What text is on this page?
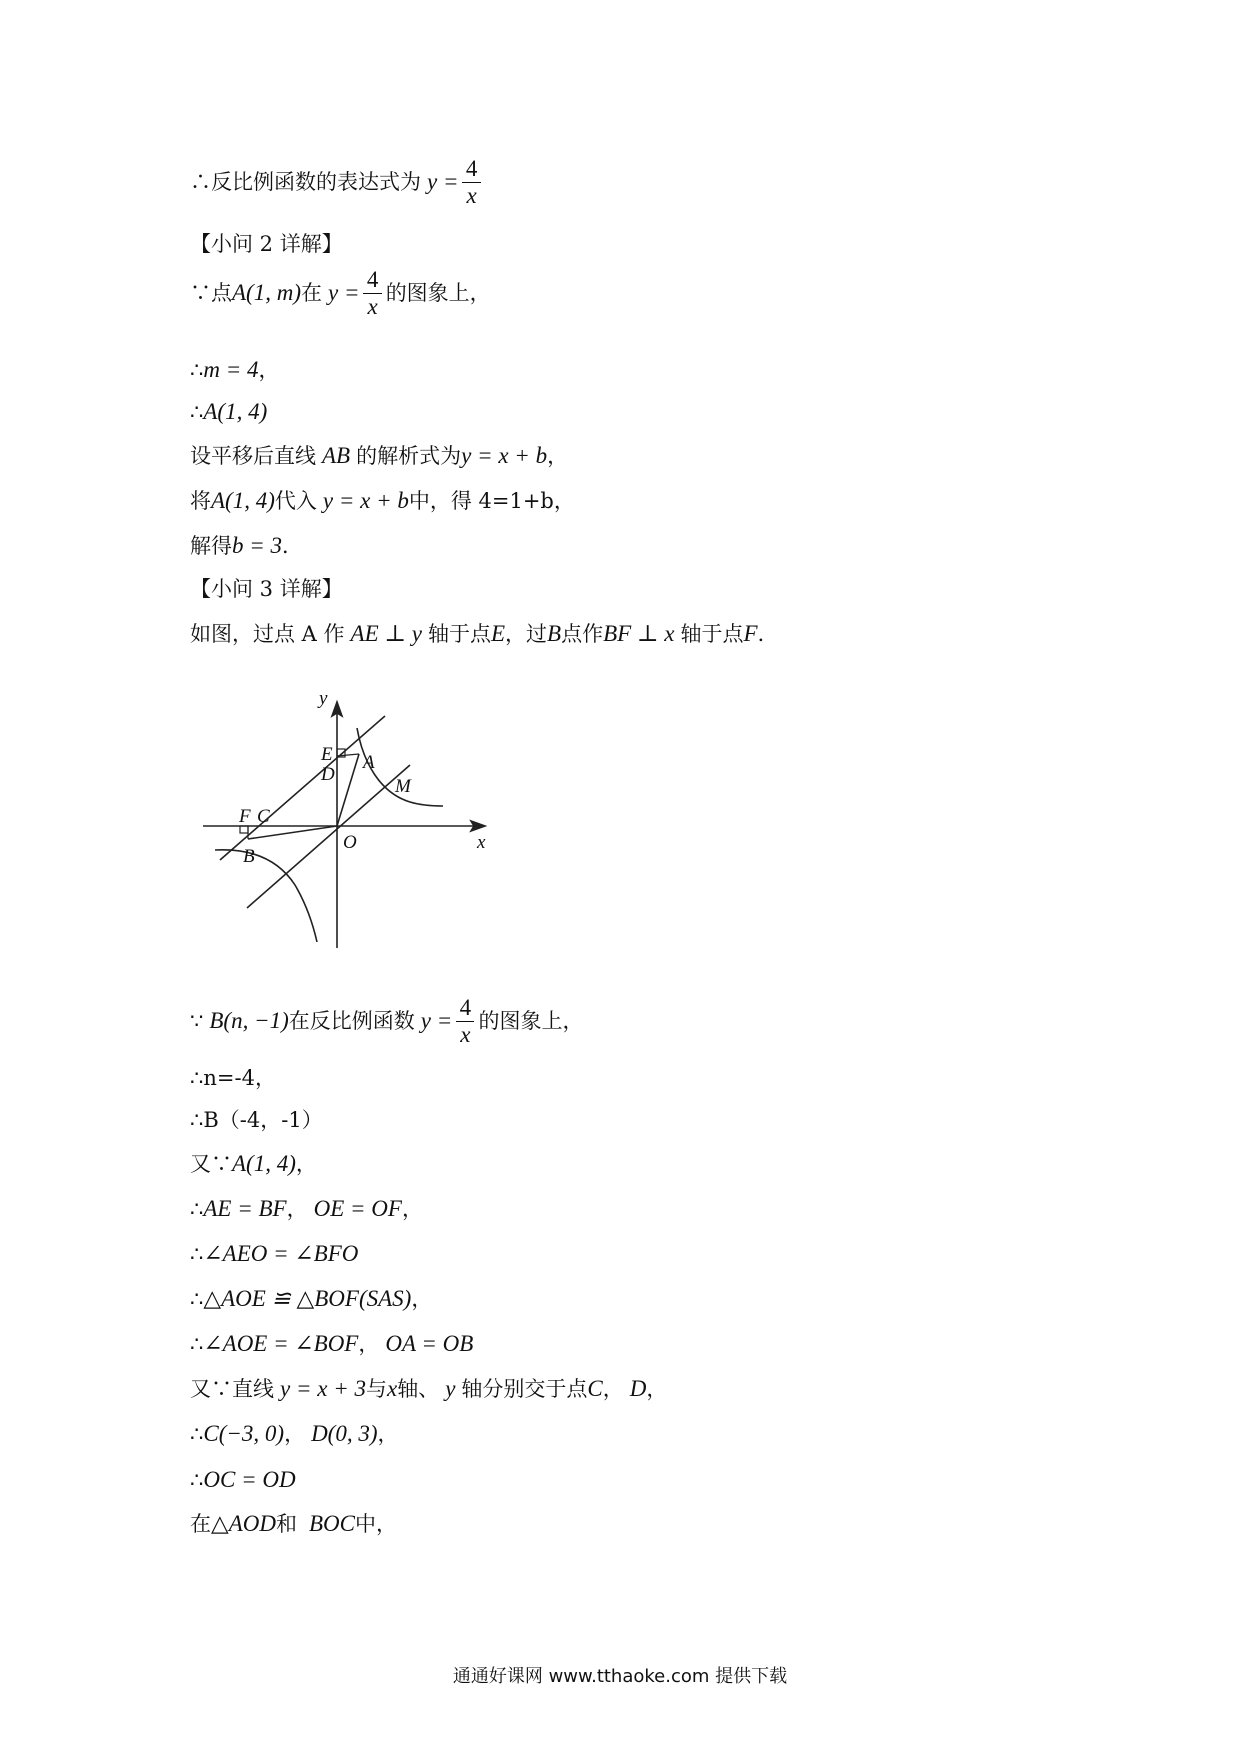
∴反比例函数的表达式为 $y = \frac{4}{x}$
【小问 2 详解】
∵点 A(1, m) 在 $y = \frac{4}{x}$ 的图象上，
∴ m = 4 ，
∴ A(1, 4)
设平移后直线 AB 的解析式为 y = x + b ，
将 A(1, 4) 代入 y = x + b 中，得 4=1+b，
解得 b = 3 ．
【小问 3 详解】
如图，过点 A 作 AE ⊥ y 轴于点 E ，过 B 点作 BF ⊥ x 轴于点 F ．
y
x
E
D
A
M
F C
B
O
∵ B(n, −1) 在反比例函数 $y = \frac{4}{x}$ 的图象上，
∴n=-4，
∴B（-4，-1）
又∵ A(1, 4) ，
∴ AE = BF ， OE = OF ，
∴ ∠AEO = ∠BFO
∴ △AOE ≌ △BOF(SAS) ，
∴ ∠AOE = ∠BOF ， OA = OB
又∵直线 y = x + 3 与 x 轴、 y 轴分别交于点 C ， D ，
∴ C(−3, 0) ， D(0, 3) ，
∴ OC = OD
在 △AOD 和 BOC 中，
通通好课网 www.tthaoke.com 提供下载
